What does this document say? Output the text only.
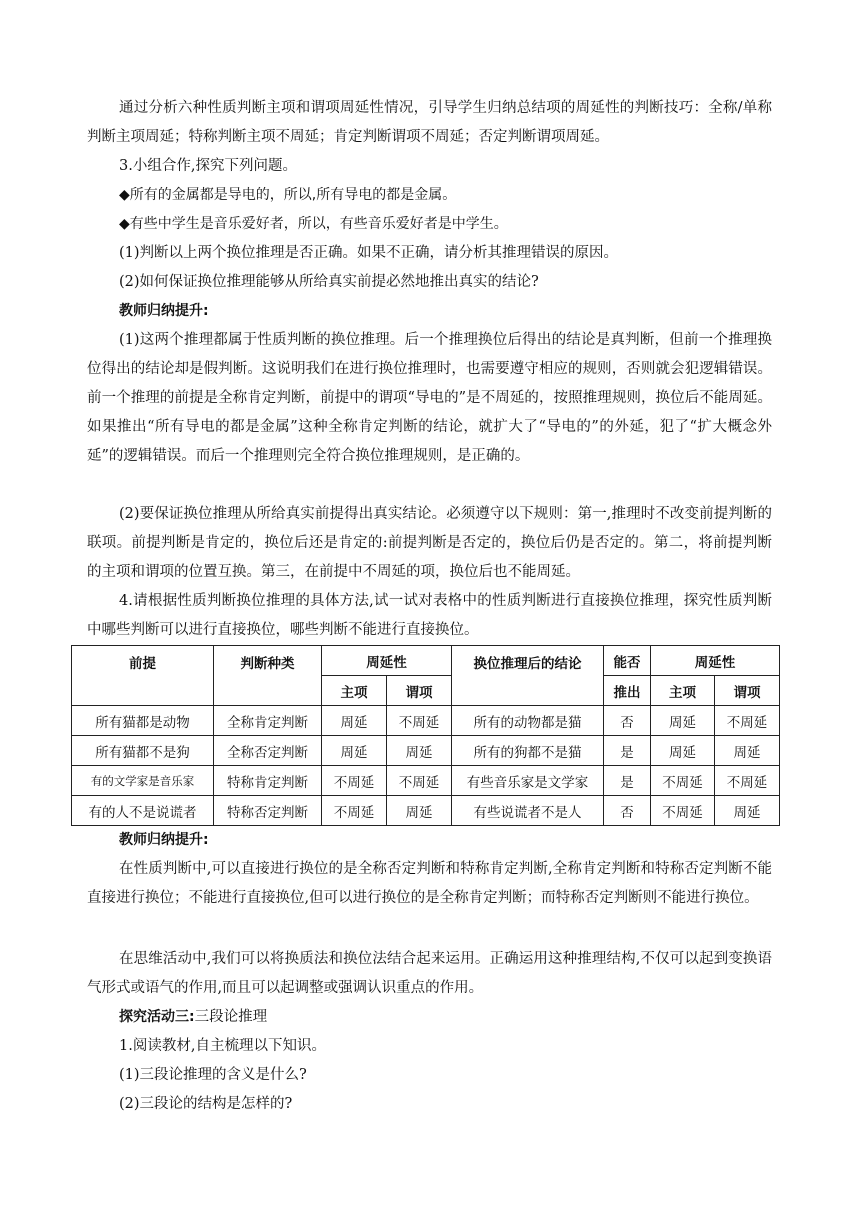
通过分析六种性质判断主项和谓项周延性情况，引导学生归纳总结项的周延性的判断技巧：全称/单称判断主项周延；特称判断主项不周延；肯定判断谓项不周延；否定判断谓项周延。

3.小组合作,探究下列问题。

◆所有的金属都是导电的，所以,所有导电的都是金属。

◆有些中学生是音乐爱好者，所以，有些音乐爱好者是中学生。

(1)判断以上两个换位推理是否正确。如果不正确，请分析其推理错误的原因。

(2)如何保证换位推理能够从所给真实前提必然地推出真实的结论?

教师归纳提升:

(1)这两个推理都属于性质判断的换位推理。后一个推理换位后得出的结论是真判断，但前一个推理换位得出的结论却是假判断。这说明我们在进行换位推理时，也需要遵守相应的规则，否则就会犯逻辑错误。前一个推理的前提是全称肯定判断，前提中的谓项“导电的”是不周延的，按照推理规则，换位后不能周延。如果推出“所有导电的都是金属”这种全称肯定判断的结论，就扩大了“导电的”的外延，犯了“扩大概念外延”的逻辑错误。而后一个推理则完全符合换位推理规则，是正确的。

(2)要保证换位推理从所给真实前提得出真实结论。必须遵守以下规则：第一,推理时不改变前提判断的联项。前提判断是肯定的，换位后还是肯定的:前提判断是否定的，换位后仍是否定的。第二，将前提判断的主项和谓项的位置互换。第三，在前提中不周延的项，换位后也不能周延。

4.请根据性质判断换位推理的具体方法,试一试对表格中的性质判断进行直接换位推理，探究性质判断中哪些判断可以进行直接换位，哪些判断不能进行直接换位。

前提	判断种类	周延性		换位推理后的结论	能否	周延性	
		主项	谓项		推出	主项	谓项
所有猫都是动物	全称肯定判断	周延	不周延	所有的动物都是猫	否	周延	不周延
所有猫都不是狗	全称否定判断	周延	周延	所有的狗都不是猫	是	周延	周延
有的文学家是音乐家	特称肯定判断	不周延	不周延	有些音乐家是文学家	是	不周延	不周延
有的人不是说谎者	特称否定判断	不周延	周延	有些说谎者不是人	否	不周延	周延

教师归纳提升:

在性质判断中,可以直接进行换位的是全称否定判断和特称肯定判断,全称肯定判断和特称否定判断不能直接进行换位；不能进行直接换位,但可以进行换位的是全称肯定判断；而特称否定判断则不能进行换位。

在思维活动中,我们可以将换质法和换位法结合起来运用。正确运用这种推理结构,不仅可以起到变换语气形式或语气的作用,而且可以起调整或强调认识重点的作用。

探究活动三:三段论推理

1.阅读教材,自主梳理以下知识。

(1)三段论推理的含义是什么?

(2)三段论的结构是怎样的?
